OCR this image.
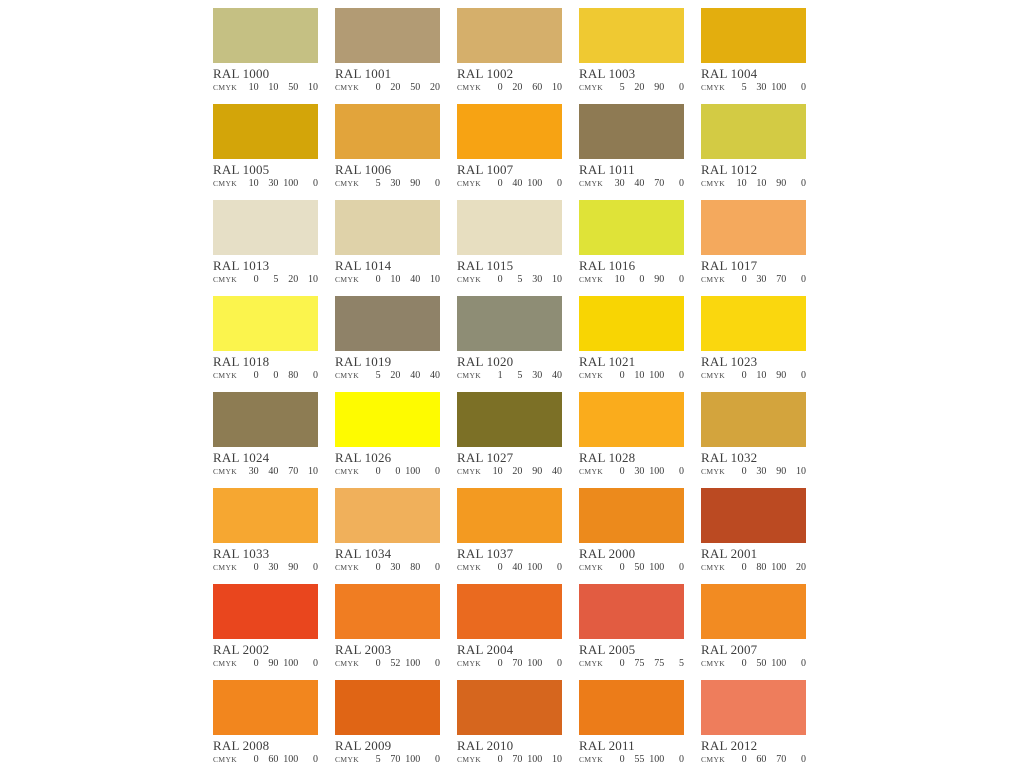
RAL 1000
CMYK	10 10 50 10
RAL 1001
CMYK	0 20 50 20
RAL 1002
CMYK	0 20 60 10
RAL 1003
CMYK	5 20 90	0
RAL 1004
CMYK	5 30 100	0
RAL 1005
CMYK	10 30 100	0
RAL 1006
CMYK	5 30 90	0
RAL 1007
CMYK	0 40 100	0
RAL 1011
CMYK	30 40 70	0
RAL 1012
CMYK	10 10 90	0
RAL 1013
CMYK	0	5 20 10
RAL 1014
CMYK	0 10 40 10
RAL 1015
CMYK	0	5 30 10
RAL 1016
CMYK	10	0 90	0
RAL 1017
CMYK	0 30 70	0
RAL 1018
CMYK	0	0 80	0
RAL 1019
CMYK	5 20 40 40
RAL 1020
CMYK	1	5 30 40
RAL 1021
CMYK	0 10 100	0
RAL 1023
CMYK	0 10 90	0
RAL 1024
CMYK	30 40 70 10
RAL 1026
CMYK	0	0 100	0
RAL 1027
CMYK	10 20 90 40
RAL 1028
CMYK	0 30 100	0
RAL 1032
CMYK	0 30 90 10
RAL 1033
CMYK	0 30 90	0
RAL 1034
CMYK	0 30 80	0
RAL 1037
CMYK	0 40 100	0
RAL 2000
CMYK	0 50 100	0
RAL 2001
CMYK	0 80 100 20
RAL 2002
CMYK	0 90 100	0
RAL 2003
CMYK	0 52 100	0
RAL 2004
CMYK	0 70 100	0
RAL 2005
CMYK	0 75 75	5
RAL 2007
CMYK	0 50 100	0
RAL 2008
CMYK	0 60 100	0
RAL 2009
CMYK	5 70 100	0
RAL 2010
CMYK	0 70 100 10
RAL 2011
CMYK	0 55 100	0
RAL 2012
CMYK	0 60 70	0
